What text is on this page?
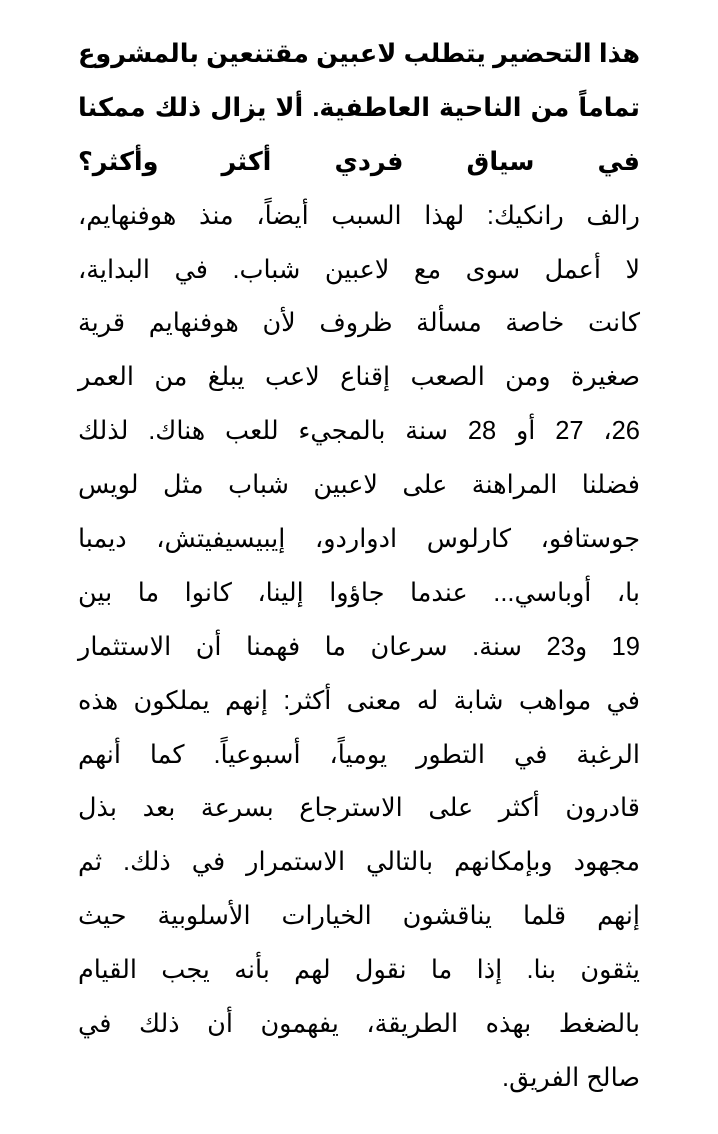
هذا التحضير يتطلب لاعبين مقتنعين بالمشروع
تماماً من الناحية العاطفية. ألا يزال ذلك ممكنا
في سياق فردي أكثر وأكثر؟
رالف رانكيك: لهذا السبب أيضاً، منذ هوفنهايم،
لا أعمل سوى مع لاعبين شباب. في البداية،
كانت خاصة مسألة ظروف لأن هوفنهايم قرية
صغيرة ومن الصعب إقناع لاعب يبلغ من العمر
26، 27 أو 28 سنة بالمجيء للعب هناك. لذلك
فضلنا المراهنة على لاعبين شباب مثل لويس
جوستافو، كارلوس ادواردو، إيبيسيفيتش، ديمبا
با، أوباسي... عندما جاؤوا إلينا، كانوا ما بين
19 و23 سنة. سرعان ما فهمنا أن الاستثمار
في مواهب شابة له معنى أكثر: إنهم يملكون هذه
الرغبة في التطور يومياً، أسبوعياً. كما أنهم
قادرون أكثر على الاسترجاع بسرعة بعد بذل
مجهود وبإمكانهم بالتالي الاستمرار في ذلك. ثم
إنهم قلما يناقشون الخيارات الأسلوبية حيث
يثقون بنا. إذا ما نقول لهم بأنه يجب القيام
بالضغط بهذه الطريقة، يفهمون أن ذلك في
صالح الفريق.
